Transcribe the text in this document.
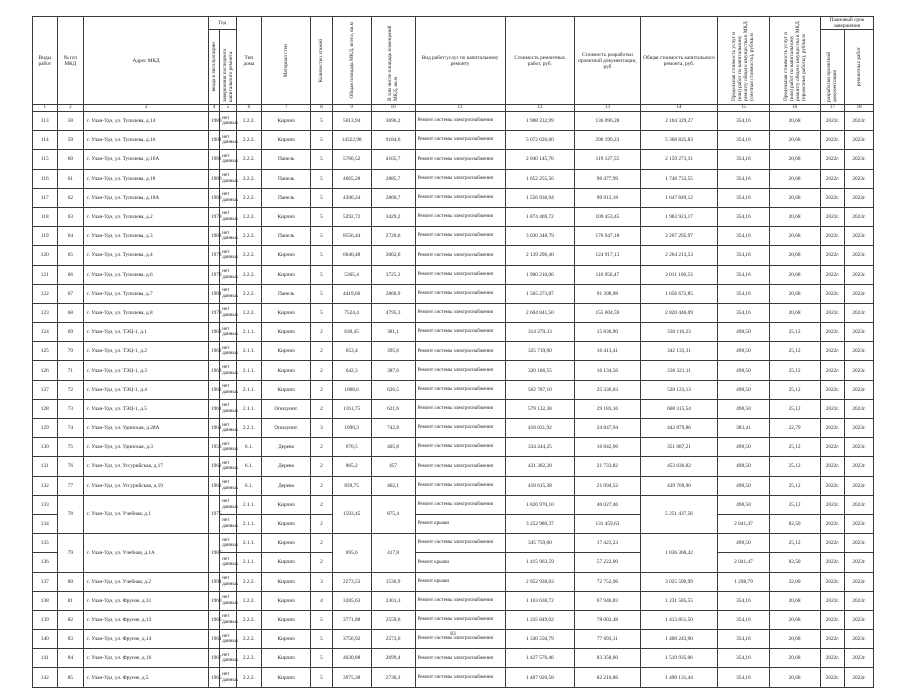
Виды работ	№ п/п МКД	Адрес МКД	Год		Тип дома	Материал стен	Количество этажей	Общая площадь МКД, всего, кв.м	В том числе площадь помещений МКД, кв.м	Вид работ/услуг по капитальному ремонту	Стоимость ремонтных работ, руб.	Стоимость разработки проектной документации, руб	Общая стоимость капитального ремонта, руб.	Предельная стоимость услуг и (или) работ по капитальному ремонту общего имущества в МКД (сметная стоимость), руб/кв.м	Предельная стоимость услуг и (или) работ по капитальному ремонту общего имущества в МКД (проектные работы), руб/кв.м	Плановый срок завершения	

			ввода в эксплуатацию	завершения последнего капитального ремонта												разработки проектной документации	ремонтных работ

1	2	3	4	5	6	7	8	9	10	11	12	13	14	15	16	17	18
113	58	г. Улан-Удэ, ул. Туполева, д.14	1980	нет данных	2.2.2.	Кирпич	5	5613,94	3696,2	Ремонт системы электроснабжения	1 988 232,99	136 096,28	2 104 329,27	354,16	20,68	2022г.	2023г.
114	59	г. Улан-Удэ, ул. Туполева, д.16	1981	нет данных	2.2.2.	Кирпич	5	14322,98	9184,6	Ремонт системы электроснабжения	5 072 626,60	296 199,23	5 368 825,83	354,16	20,68	2022г.	2023г.
115	60	г. Улан-Удэ, ул. Туполева, д.16А	1982	нет данных	2.2.2.	Панель	5	5760,52	4165,7	Ремонт системы электроснабжения	2 040 145,76	119 127,55	2 159 273,31	354,16	20,68	2022г.	2023г.
116	61	г. Улан-Удэ, ул. Туполева, д.18	1980	нет данных	2.2.2.	Панель	5	4665,28	2885,7	Ремонт системы электроснабжения	1 652 255,56	96 477,99	1 748 733,55	354,16	20,68	2022г.	2023г.
117	62	г. Улан-Удэ, ул. Туполева, д.18А	1980	нет данных	2.2.2.	Панель	5	4396,24	2860,7	Ремонт системы электроснабжения	1 556 936,94	90 912,18	1 647 849,12	354,16	20,68	2022г.	2023г.
118	63	г. Улан-Удэ, ул. Туполева, д.2	1979	нет данных	2.2.2.	Кирпич	5	5292,72	3429,2	Ремонт системы электроснабжения	1 874 469,72	109 453,45	1 983 923,17	354,16	20,68	2022г.	2023г.
119	64	г. Улан-Удэ, ул. Туполева, д.3	1983	нет данных	2.2.2.	Панель	5	8556,44	2720,6	Ремонт системы электроснабжения	3 030 348,79	176 947,18	3 207 295,97	354,16	20,68	2022г.	2023г.
120	65	г. Улан-Удэ, ул. Туполева, д.4	1979	нет данных	2.2.2.	Кирпич	5	6040,48	3062,6	Ремонт системы электроснабжения	2 139 296,40	124 917,13	2 264 213,53	354,16	20,68	2022г.	2023г.
121	66	г. Улан-Удэ, ул. Туполева, д.6	1979	нет данных	2.2.2.	Кирпич	5	5365,4	3725,3	Ремонт системы электроснабжения	1 900 210,06	110 956,47	2 011 166,53	354,16	20,68	2022г.	2023г.
122	67	г. Улан-Удэ, ул. Туполева, д.7	1981	нет данных	2.2.2.	Панель	5	4419,66	2866,9	Ремонт системы электроснабжения	1 565 273,87	91 398,98	1 656 672,85	354,16	20,68	2022г.	2023г.
123	68	г. Улан-Удэ, ул. Туполева, д.8	1979	нет данных	2.2.2.	Кирпич	5	7524,4	4795,3	Ремонт системы электроснабжения	2 664 841,50	155 604,59	2 820 446,09	354,16	20,68	2022г.	2023г.
124	69	г. Улан-Удэ, ул. ТЭЦ-1, д.1	1962	нет данных	2.1.1.	Кирпич	2	630,45	381,1	Ремонт системы электроснабжения	314 279,33	15 836,90	330 116,23	498,50	25,12	2022г.	2023г.
125	70	г. Улан-Удэ, ул. ТЭЦ-1, д.2	1962	нет данных	2.1.1.	Кирпич	2	653,4	395,6	Ремонт системы электроснабжения	325 719,90	16 413,41	342 133,31	498,50	25,12	2022г.	2023г.
126	71	г. Улан-Удэ, ул. ТЭЦ-1, д.3	1963	нет данных	2.1.1.	Кирпич	2	642,3	387,6	Ремонт системы электроснабжения	320 186,55	16 134,56	336 321,11	498,50	25,12	2022г.	2023г.
127	72	г. Улан-Удэ, ул. ТЭЦ-1, д.4	1962	нет данных	2.1.1.	Кирпич	2	1008,6	626,5	Ремонт системы электроснабжения	502 787,10	25 336,03	528 123,13	498,50	25,12	2022г.	2023г.
128	73	г. Улан-Удэ, ул. ТЭЦ-1, д.5	1961	нет данных	2.1.1.	Опилунит.	2	1161,75	621,6	Ремонт системы электроснабжения	579 132,38	29 183,16	608 315,54	498,50	25,12	2022г.	2023г.
129	74	г. Улан-Удэ, ул. Удинская, д.28А	1961	нет данных	2.2.1.	Опилунит.	3	1090,3	742,8	Ремонт системы электроснабжения	418 031,92	24 847,94	442 879,86	383,41	22,79	2022г.	2023г.
130	75	г. Улан-Удэ, ул. Удинская, д.3	1958	нет данных	6.1.	Дерево	2	670,5	405,8	Ремонт системы электроснабжения	334 244,25	16 842,96	351 087,21	498,50	25,12	2022г.	2023г.
131	76	г. Улан-Удэ, ул. Уссурийская, д.17	1962	нет данных	6.1.	Дерево	2	865,2	457	Ремонт системы электроснабжения	431 302,20	21 733,82	453 036,02	498,50	25,12	2022г.	2023г.
132	77	г. Улан-Удэ, ул. Уссурийская, д.19	1962	нет данных	6.1.	Дерево	2	839,75	462,1	Ремонт системы электроснабжения	418 615,38	21 094,52	439 709,90	498,50	25,12	2022г.	2023г.
133	78	г. Улан-Удэ, ул. Учебная, д.1	1975	нет данных	2.1.1.	Кирпич	2	1593,45	875,4	Ремонт системы электроснабжения	1 826 970,10	40 027,46	5 251 437,56	498,50	25,12	2022г.	2023г.
134				нет данных	2.1.1.	Кирпич	2			Ремонт крыши	3 252 980,37	131 459,63		2 041,47	82,50	2022г.	2023г.
135	79	г. Улан-Удэ, ул. Учебная, д.1А	1987	нет данных	2.1.1.	Кирпич	2	695,6	417,8	Ремонт системы электроснабжения	345 759,60	17 423,23	1 836 368,42	498,50	25,12	2022г.	2023г.
136				нет данных	2.1.1.	Кирпич	2			Ремонт крыши	1 415 963,59	57 222,00		2 041,47	82,50	2022г.	2023г.
137	80	г. Улан-Удэ, ул. Учебная, д.2	1994	нет данных	2.2.2.	Кирпич	3	2273,53	1536,9	Ремонт крыши	2 952 938,03	72 752,96	3 025 590,99	1 298,79	32,00	2022г.	2023г.
138	81	г. Улан-Удэ, ул. Фрунзе, д.31	1960	нет данных	2.2.2.	Кирпич	4	3285,63	2301,3	Ремонт системы электроснабжения	1 163 638,72	67 946,83	1 231 585,55	354,16	20,68	2022г.	2023г.
139	82	г. Улан-Удэ, ул. Фрунзе, д.13	1966	нет данных	2.2.2.	Кирпич	5	3771,88	2559,6	Ремонт системы электроснабжения	1 335 849,02	78 002,48	1 413 851,50	354,16	20,68	2022г.	2023г.
140	83	г. Улан-Удэ, ул. Фрунзе, д.14	1964	нет данных	2.2.2.	Кирпич	5	3756,92	2573,6	Ремонт системы электроснабжения	1 330 550,79	77 693,11	1 408 243,90	354,16	20,68	2022г.	2023г.
141	84	г. Улан-Удэ, ул. Фрунзе, д.16	1967	нет данных	2.2.2.	Кирпич	5	4030,88	2699,4	Ремонт системы электроснабжения	1 427 576,46	83 358,60	1 510 935,06	354,16	20,68	2022г.	2023г.
142	85	г. Улан-Удэ, ул. Фрунзе, д.5	1965	нет данных	2.2.2.	Кирпич	5	3975,38	2730,3	Ремонт системы электроснабжения	1 407 920,58	82 210,86	1 490 131,44	354,16	20,68	2022г.	2023г.
83
